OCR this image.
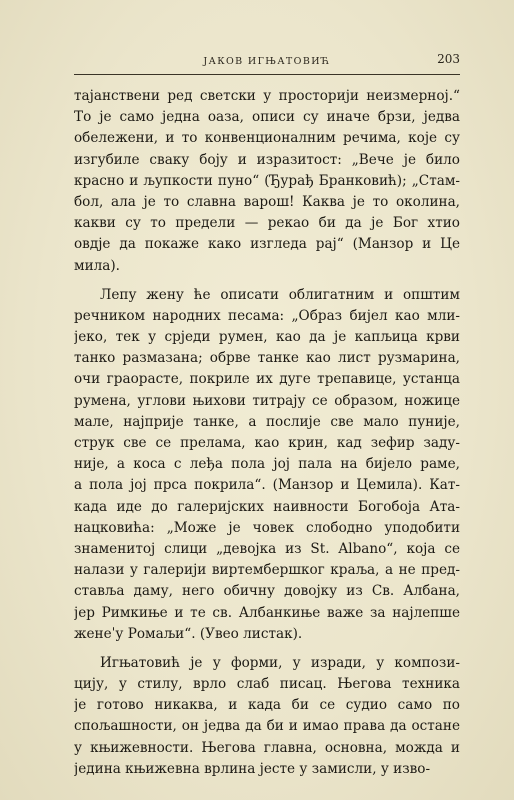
ЈАКОВ ИГЊАТОВИЋ	203
тајанствени ред светски у просторији неизмерној.“
То је само једна оаза, описи су иначе брзи, једва
обележени, и то конвенционалним речима, које су
изгубиле сваку боју и изразитост: „Вече је било
красно и љупкости пуно“ (Ђурађ Бранковић); „Стам-
бол, ала је то славна варош! Каква је то околина,
какви су то предели — рекао би да је Бог хтио
овдје да покаже како изгледа рај“ (Манзор и Це
мила).
Лепу жену ће описати облигатним и општим
речником народних песама: „Образ бијел као мли-
јеко, тек у срједи румен, као да је капљица крви
танко размазана; обрве танке као лист рузмарина,
очи граорасте, покриле их дуге трепавице, устанца
румена, углови њихови титрају се образом, ножице
мале, најприје танке, а послије све мало пуније,
струк све се прелама, као крин, кад зефир заду-
није, а коса с леђа пола јој пала на бијело раме,
а пола јој прса покрила“. (Манзор и Цемила). Кат-
када иде до галеријских наивности Богобоја Ата-
нацковића: „Може је човек слободно уподобити
знаменитој слици „девојка из St. Albano“, која се
налази у галерији виртембершког краља, а не пред-
стављa даму, него обичну довојку из Св. Албана,
јер Римкиње и те св. Албанкиње важе за најлепше
женеˈу Ромаљи“. (Увео листак).
Игњатовић је у форми, у изради, у компози-
цију, у стилу, врло слаб писац. Његова техника
је готово никаква, и када би се судио само по
спољашности, он једва да би и имао права да остане
у књижевности. Његова главна, основна, можда и
једина књижевна врлина јесте у замисли, у изво-
